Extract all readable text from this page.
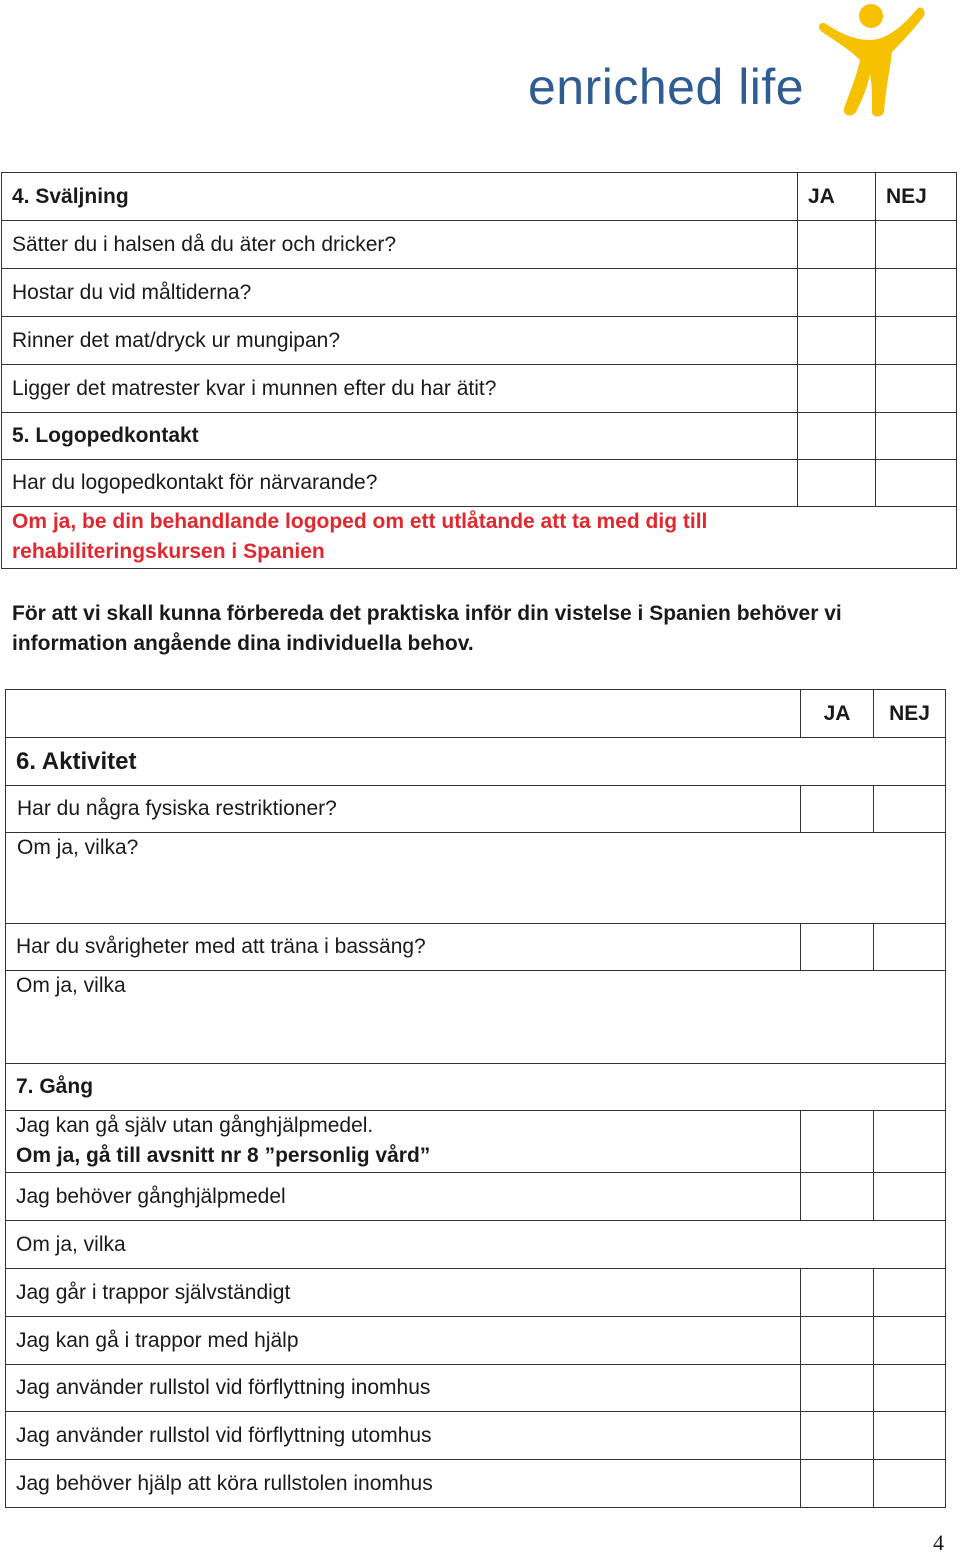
enriched life
4. Sväljning	JA	NEJ
Sätter du i halsen då du äter och dricker?		
Hostar du vid måltiderna?		
Rinner det mat/dryck ur mungipan?		
Ligger det matrester kvar i munnen efter du har ätit?		
5. Logopedkontakt		
Har du logopedkontakt för närvarande?		
Om ja, be din behandlande logoped om ett utlåtande att ta med dig till rehabiliteringskursen i Spanien		
För att vi skall kunna förbereda det praktiska inför din vistelse i Spanien behöver vi information angående dina individuella behov.
	JA	NEJ
6. Aktivitet		
Har du några fysiska restriktioner?		
Om ja, vilka?		
Har du svårigheter med att träna i bassäng?		
Om ja, vilka		
7. Gång		

Jag kan gå själv utan gånghjälpmedel.
Om ja, gå till avsnitt nr 8 ”personlig vård”		

Jag behöver gånghjälpmedel		
Om ja, vilka		
Jag går i trappor självständigt		
Jag kan gå i trappor med hjälp		
Jag använder rullstol vid förflyttning inomhus		
Jag använder rullstol vid förflyttning utomhus		
Jag behöver hjälp att köra rullstolen inomhus		
4
